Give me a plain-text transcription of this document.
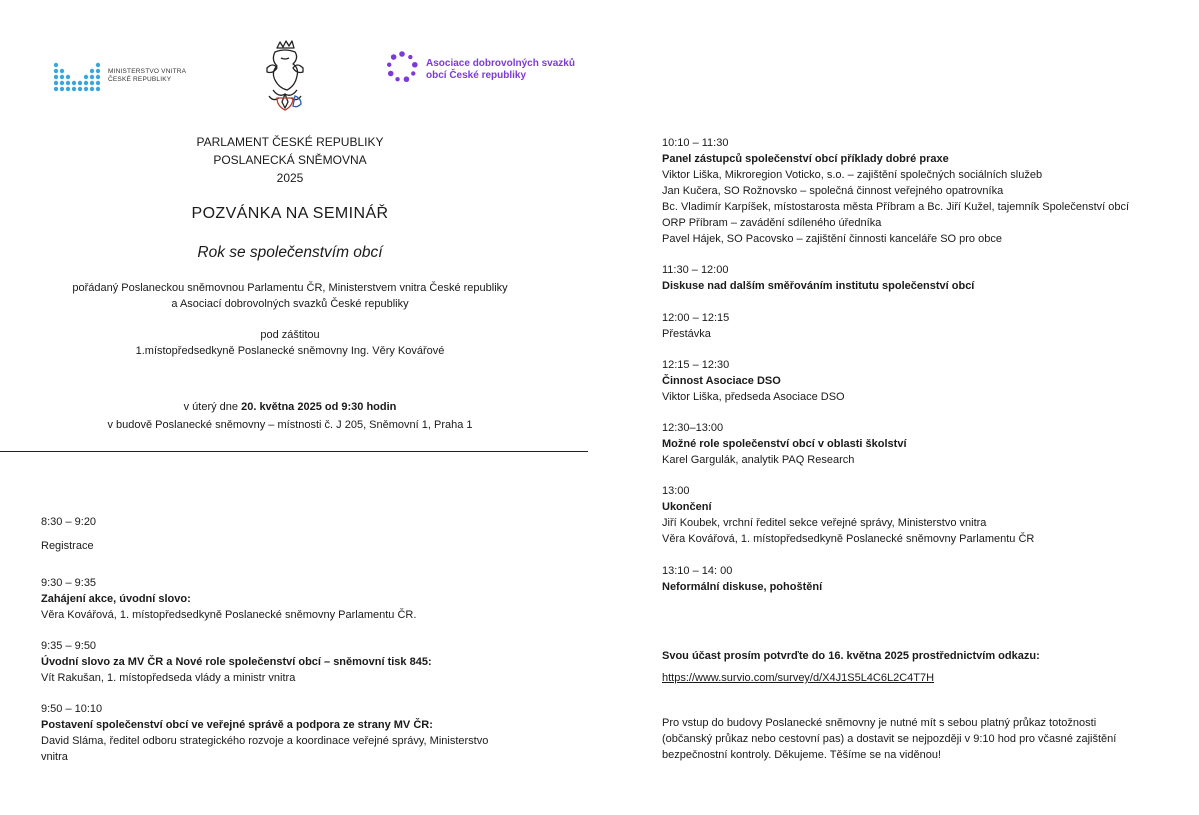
MINISTERSTVO VNITRA ČESKÉ REPUBLIKY
Asociace dobrovolných svazků obcí České republiky
PARLAMENT ČESKÉ REPUBLIKY
POSLANECKÁ SNĚMOVNA
2025
POZVÁNKA NA SEMINÁŘ
Rok se společenstvím obcí
pořádaný Poslaneckou sněmovnou Parlamentu ČR, Ministerstvem vnitra České republiky
a Asociací dobrovolných svazků České republiky
pod záštitou
1.místopředsedkyně Poslanecké sněmovny Ing. Věry Kovářové
v úterý dne 20. května 2025 od 9:30 hodin
v budově Poslanecké sněmovny – místnosti č. J 205, Sněmovní 1, Praha 1
8:30 – 9:20
Registrace
9:30 – 9:35
Zahájení akce, úvodní slovo:
Věra Kovářová, 1. místopředsedkyně Poslanecké sněmovny Parlamentu ČR.
9:35 – 9:50
Úvodní slovo za MV ČR a Nové role společenství obcí – sněmovní tisk 845:
Vít Rakušan, 1. místopředseda vlády a ministr vnitra
9:50 – 10:10
Postavení společenství obcí ve veřejné správě a podpora ze strany MV ČR:
David Sláma, ředitel odboru strategického rozvoje a koordinace veřejné správy, Ministerstvo
vnitra
10:10 – 11:30
Panel zástupců společenství obcí příklady dobré praxe
Viktor Liška, Mikroregion Voticko, s.o. – zajištění společných sociálních služeb
Jan Kučera, SO Rožnovsko – společná činnost veřejného opatrovníka
Bc. Vladimír Karpíšek, místostarosta města Příbram a Bc. Jiří Kužel, tajemník Společenství obcí
ORP Příbram – zavádění sdíleného úředníka
Pavel Hájek, SO Pacovsko – zajištění činnosti kanceláře SO pro obce
11:30 – 12:00
Diskuse nad dalším směřováním institutu společenství obcí
12:00 – 12:15
Přestávka
12:15 – 12:30
Činnost Asociace DSO
Viktor Liška, předseda Asociace DSO
12:30–13:00
Možné role společenství obcí v oblasti školství
Karel Gargulák, analytik PAQ Research
13:00
Ukončení
Jiří Koubek, vrchní ředitel sekce veřejné správy, Ministerstvo vnitra
Věra Kovářová, 1. místopředsedkyně Poslanecké sněmovny Parlamentu ČR
13:10 – 14: 00
Neformální diskuse, pohoštění
Svou účast prosím potvrďte do 16. května 2025 prostřednictvím odkazu:
https://www.survio.com/survey/d/X4J1S5L4C6L2C4T7H
Pro vstup do budovy Poslanecké sněmovny je nutné mít s sebou platný průkaz totožnosti
(občanský průkaz nebo cestovní pas) a dostavit se nejpozději v 9:10 hod pro včasné zajištění
bezpečnostní kontroly. Děkujeme. Těšíme se na viděnou!
